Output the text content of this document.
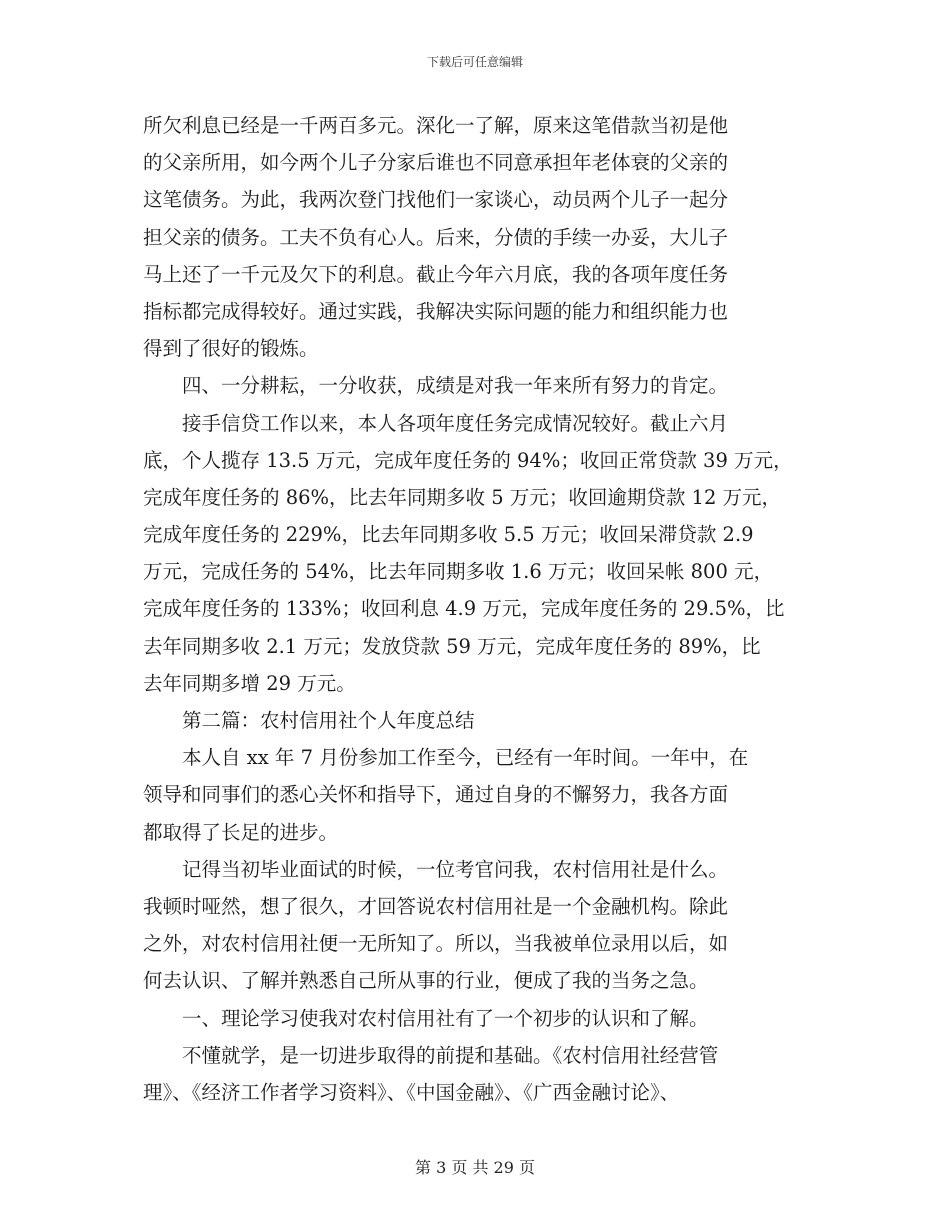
下载后可任意编辑
所欠利息已经是一千两百多元。深化一了解，原来这笔借款当初是他
的父亲所用，如今两个儿子分家后谁也不同意承担年老体衰的父亲的
这笔债务。为此，我两次登门找他们一家谈心，动员两个儿子一起分
担父亲的债务。工夫不负有心人。后来，分债的手续一办妥，大儿子
马上还了一千元及欠下的利息。截止今年六月底，我的各项年度任务
指标都完成得较好。通过实践，我解决实际问题的能力和组织能力也
得到了很好的锻炼。
四、一分耕耘，一分收获，成绩是对我一年来所有努力的肯定。
接手信贷工作以来，本人各项年度任务完成情况较好。截止六月
底，个人揽存 13.5 万元，完成年度任务的 94%；收回正常贷款 39 万元，
完成年度任务的 86%，比去年同期多收 5 万元；收回逾期贷款 12 万元，
完成年度任务的 229%，比去年同期多收 5.5 万元；收回呆滞贷款 2.9
万元，完成任务的 54%，比去年同期多收 1.6 万元；收回呆帐 800 元，
完成年度任务的 133%；收回利息 4.9 万元，完成年度任务的 29.5%，比
去年同期多收 2.1 万元；发放贷款 59 万元，完成年度任务的 89%，比
去年同期多增 29 万元。
第二篇：农村信用社个人年度总结
本人自 xx 年 7 月份参加工作至今，已经有一年时间。一年中，在
领导和同事们的悉心关怀和指导下，通过自身的不懈努力，我各方面
都取得了长足的进步。
记得当初毕业面试的时候，一位考官问我，农村信用社是什么。
我顿时哑然，想了很久，才回答说农村信用社是一个金融机构。除此
之外，对农村信用社便一无所知了。所以，当我被单位录用以后，如
何去认识、了解并熟悉自己所从事的行业，便成了我的当务之急。
一、理论学习使我对农村信用社有了一个初步的认识和了解。
不懂就学，是一切进步取得的前提和基础。《农村信用社经营管
理》、《经济工作者学习资料》、《中国金融》、《广西金融讨论》、
第 3 页 共 29 页
